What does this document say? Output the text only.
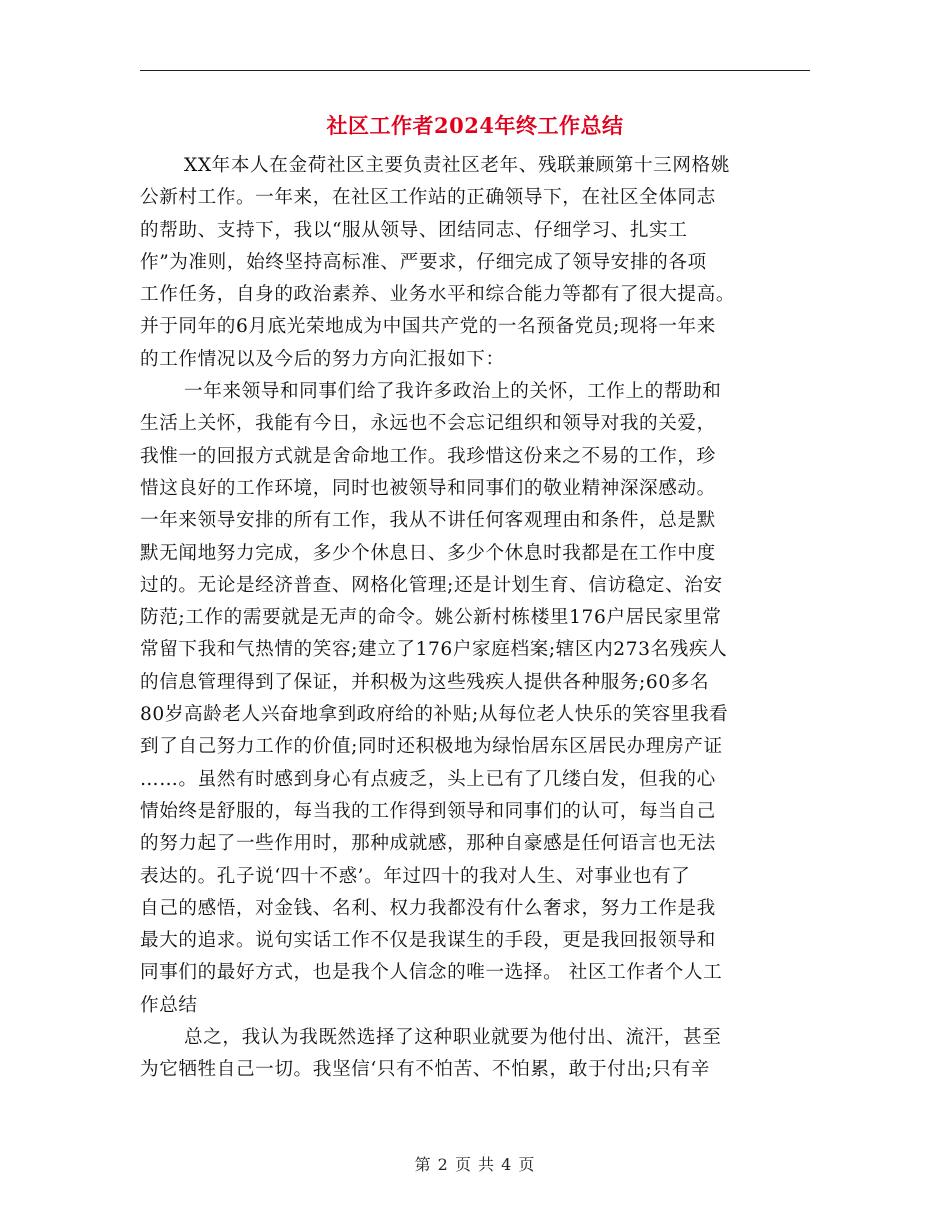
社区工作者2024年终工作总结
XX年本人在金荷社区主要负责社区老年、残联兼顾第十三网格姚
公新村工作。一年来，在社区工作站的正确领导下，在社区全体同志
的帮助、支持下，我以“服从领导、团结同志、仔细学习、扎实工
作”为准则，始终坚持高标准、严要求，仔细完成了领导安排的各项
工作任务，自身的政治素养、业务水平和综合能力等都有了很大提高。
并于同年的6月底光荣地成为中国共产党的一名预备党员;现将一年来
的工作情况以及今后的努力方向汇报如下：
一年来领导和同事们给了我许多政治上的关怀，工作上的帮助和
生活上关怀，我能有今日，永远也不会忘记组织和领导对我的关爱，
我惟一的回报方式就是舍命地工作。我珍惜这份来之不易的工作，珍
惜这良好的工作环境，同时也被领导和同事们的敬业精神深深感动。
一年来领导安排的所有工作，我从不讲任何客观理由和条件，总是默
默无闻地努力完成，多少个休息日、多少个休息时我都是在工作中度
过的。无论是经济普查、网格化管理;还是计划生育、信访稳定、治安
防范;工作的需要就是无声的命令。姚公新村栋楼里176户居民家里常
常留下我和气热情的笑容;建立了176户家庭档案;辖区内273名残疾人
的信息管理得到了保证，并积极为这些残疾人提供各种服务;60多名
80岁高龄老人兴奋地拿到政府给的补贴;从每位老人快乐的笑容里我看
到了自己努力工作的价值;同时还积极地为绿怡居东区居民办理房产证
……。虽然有时感到身心有点疲乏，头上已有了几缕白发，但我的心
情始终是舒服的，每当我的工作得到领导和同事们的认可，每当自己
的努力起了一些作用时，那种成就感，那种自豪感是任何语言也无法
表达的。孔子说‘四十不惑’。年过四十的我对人生、对事业也有了
自己的感悟，对金钱、名利、权力我都没有什么奢求，努力工作是我
最大的追求。说句实话工作不仅是我谋生的手段，更是我回报领导和
同事们的最好方式，也是我个人信念的唯一选择。 社区工作者个人工
作总结
总之，我认为我既然选择了这种职业就要为他付出、流汗，甚至
为它牺牲自己一切。我坚信‘只有不怕苦、不怕累，敢于付出;只有辛
第 2 页 共 4 页
